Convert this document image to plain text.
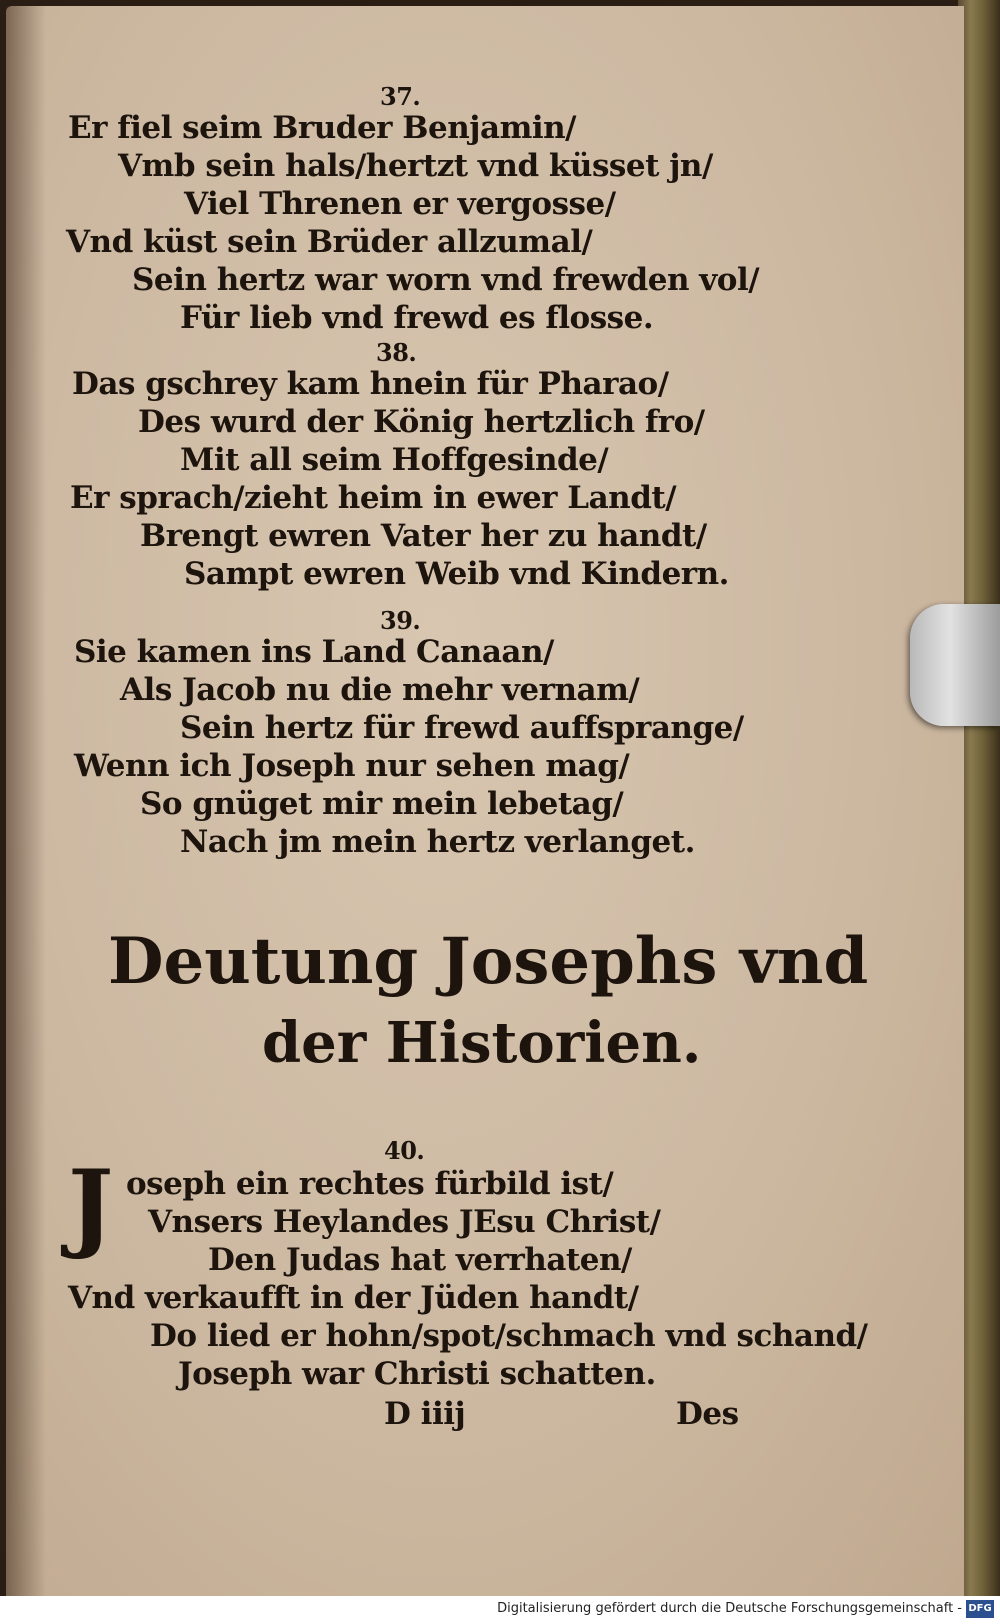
37.
Er fiel seim Bruder Benjamin/
Vmb sein hals/hertzt vnd küsset jn/
Viel Threnen er vergosse/
Vnd küst sein Brüder allzumal/
Sein hertz war worn vnd frewden vol/
Für lieb vnd frewd es flosse.
38.
Das gschrey kam hnein für Pharao/
Des wurd der König hertzlich fro/
Mit all seim Hoffgesinde/
Er sprach/zieht heim in ewer Landt/
Brengt ewren Vater her zu handt/
Sampt ewren Weib vnd Kindern.
39.
Sie kamen ins Land Canaan/
Als Jacob nu die mehr vernam/
Sein hertz für frewd auffsprange/
Wenn ich Joseph nur sehen mag/
So gnüget mir mein lebetag/
Nach jm mein hertz verlanget.
Deutung Josephs vnd
der Historien.
40.
J oseph ein rechtes fürbild ist/
Vnsers Heylandes JEsu Christ/
Den Judas hat verrhaten/
Vnd verkaufft in der Jüden handt/
Do lied er hohn/spot/schmach vnd schand/
Joseph war Christi schatten.
D iiij	Des
Digitalisierung gefördert durch die Deutsche Forschungsgemeinschaft - DFG
